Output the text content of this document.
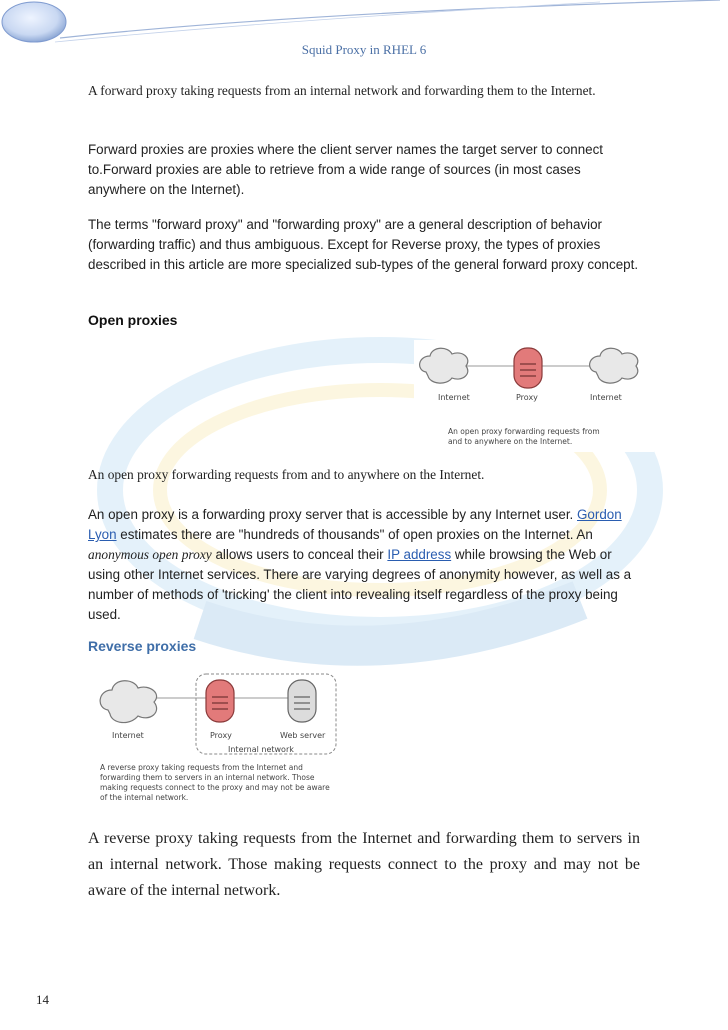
Squid Proxy in RHEL 6
A forward proxy taking requests from an internal network and forwarding them to the Internet.
Forward proxies are proxies where the client server names the target server to connect to.Forward proxies are able to retrieve from a wide range of sources (in most cases anywhere on the Internet).
The terms "forward proxy" and "forwarding proxy" are a general description of behavior (forwarding traffic) and thus ambiguous. Except for Reverse proxy, the types of proxies described in this article are more specialized sub-types of the general forward proxy concept.
Open proxies
Internet	Proxy	Internet
An open proxy forwarding requests from
and to anywhere on the Internet.
An open proxy forwarding requests from and to anywhere on the Internet.
An open proxy is a forwarding proxy server that is accessible by any Internet user. Gordon Lyon estimates there are "hundreds of thousands" of open proxies on the Internet. An anonymous open proxy allows users to conceal their IP address while browsing the Web or using other Internet services. There are varying degrees of anonymity however, as well as a number of methods of 'tricking' the client into revealing itself regardless of the proxy being used.
Reverse proxies
Internet	Proxy	Web server
Internal network
A reverse proxy taking requests from the Internet and
forwarding them to servers in an internal network. Those
making requests connect to the proxy and may not be aware
of the internal network.
A reverse proxy taking requests from the Internet and forwarding them to servers in an internal network. Those making requests connect to the proxy and may not be aware of the internal network.
14
